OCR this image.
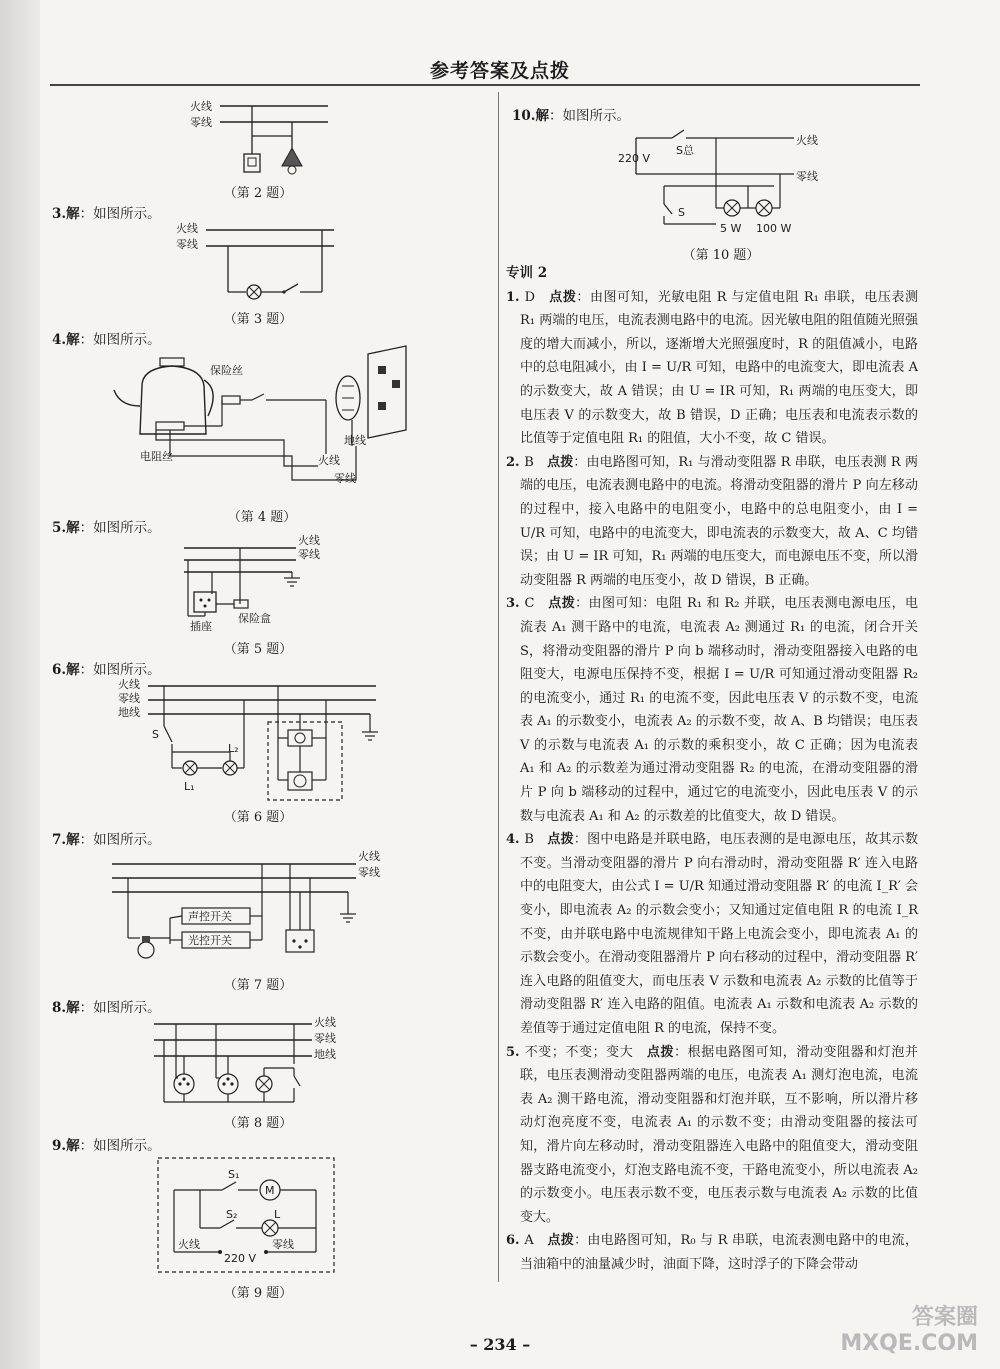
参考答案及点拨
火线
零线
（第 2 题）
3.解：如图所示。
火线
零线
（第 3 题）
4.解：如图所示。
电阻丝
保险丝
地线
火线
零线
（第 4 题）
5.解：如图所示。
火线
零线
插座
保险盒
（第 5 题）
6.解：如图所示。
火线
零线
地线
S
L₁
L₂
（第 6 题）
7.解：如图所示。
火线
零线
声控开关
光控开关
（第 7 题）
8.解：如图所示。
火线
零线
地线
（第 8 题）
9.解：如图所示。
S₁
S₂
M
L
火线	零线
220 V
（第 9 题）
10.解：如图所示。
火线
零线
220 V
S总
S
5 W 100 W
（第 10 题）
专训 2

1. D　点拨：由图可知，光敏电阻 R 与定值电阻 R₁ 串联，电压表测 R₁ 两端的电压，电流表测电路中的电流。因光敏电阻的阻值随光照强度的增大而减小，所以，逐渐增大光照强度时，R 的阻值减小，电路中的总电阻减小，由 I = U/R 可知，电路中的电流变大，即电流表 A 的示数变大，故 A 错误；由 U = IR 可知，R₁ 两端的电压变大，即电压表 V 的示数变大，故 B 错误，D 正确；电压表和电流表示数的比值等于定值电阻 R₁ 的阻值，大小不变，故 C 错误。

2. B　点拨：由电路图可知，R₁ 与滑动变阻器 R 串联，电压表测 R 两端的电压，电流表测电路中的电流。将滑动变阻器的滑片 P 向左移动的过程中，接入电路中的电阻变小，电路中的总电阻变小，由 I = U/R 可知，电路中的电流变大，即电流表的示数变大，故 A、C 均错误；由 U = IR 可知，R₁ 两端的电压变大，而电源电压不变，所以滑动变阻器 R 两端的电压变小，故 D 错误，B 正确。

3. C　点拨：由图可知：电阻 R₁ 和 R₂ 并联，电压表测电源电压，电流表 A₁ 测干路中的电流，电流表 A₂ 测通过 R₁ 的电流，闭合开关 S，将滑动变阻器的滑片 P 向 b 端移动时，滑动变阻器接入电路的电阻变大，电源电压保持不变，根据 I = U/R 可知通过滑动变阻器 R₂ 的电流变小，通过 R₁ 的电流不变，因此电压表 V 的示数不变，电流表 A₁ 的示数变小，电流表 A₂ 的示数不变，故 A、B 均错误；电压表 V 的示数与电流表 A₁ 的示数的乘积变小，故 C 正确；因为电流表 A₁ 和 A₂ 的示数差为通过滑动变阻器 R₂ 的电流，在滑动变阻器的滑片 P 向 b 端移动的过程中，通过它的电流变小，因此电压表 V 的示数与电流表 A₁ 和 A₂ 的示数差的比值变大，故 D 错误。

4. B　点拨：图中电路是并联电路，电压表测的是电源电压，故其示数不变。当滑动变阻器的滑片 P 向右滑动时，滑动变阻器 R′ 连入电路中的电阻变大，由公式 I = U/R 知通过滑动变阻器 R′ 的电流 I_R′ 会变小，即电流表 A₂ 的示数会变小；又知通过定值电阻 R 的电流 I_R 不变，由并联电路中电流规律知干路上电流会变小，即电流表 A₁ 的示数会变小。在滑动变阻器滑片 P 向右移动的过程中，滑动变阻器 R′ 连入电路的阻值变大，而电压表 V 示数和电流表 A₂ 示数的比值等于滑动变阻器 R′ 连入电路的阻值。电流表 A₁ 示数和电流表 A₂ 示数的差值等于通过定值电阻 R 的电流，保持不变。

5. 不变；不变；变大　点拨：根据电路图可知，滑动变阻器和灯泡并联，电压表测滑动变阻器两端的电压，电流表 A₁ 测灯泡电流，电流表 A₂ 测干路电流，滑动变阻器和灯泡并联，互不影响，所以滑片移动灯泡亮度不变，电流表 A₁ 的示数不变；由滑动变阻器的接法可知，滑片向左移动时，滑动变阻器连入电路中的阻值变大，滑动变阻器支路电流变小，灯泡支路电流不变，干路电流变小，所以电流表 A₂ 的示数变小。电压表示数不变，电压表示数与电流表 A₂ 示数的比值变大。

6. A　点拨：由电路图可知，R₀ 与 R 串联，电流表测电路中的电流，当油箱中的油量减少时，油面下降，这时浮子的下降会带动

– 234 –
答案圈
MXQE.COM
